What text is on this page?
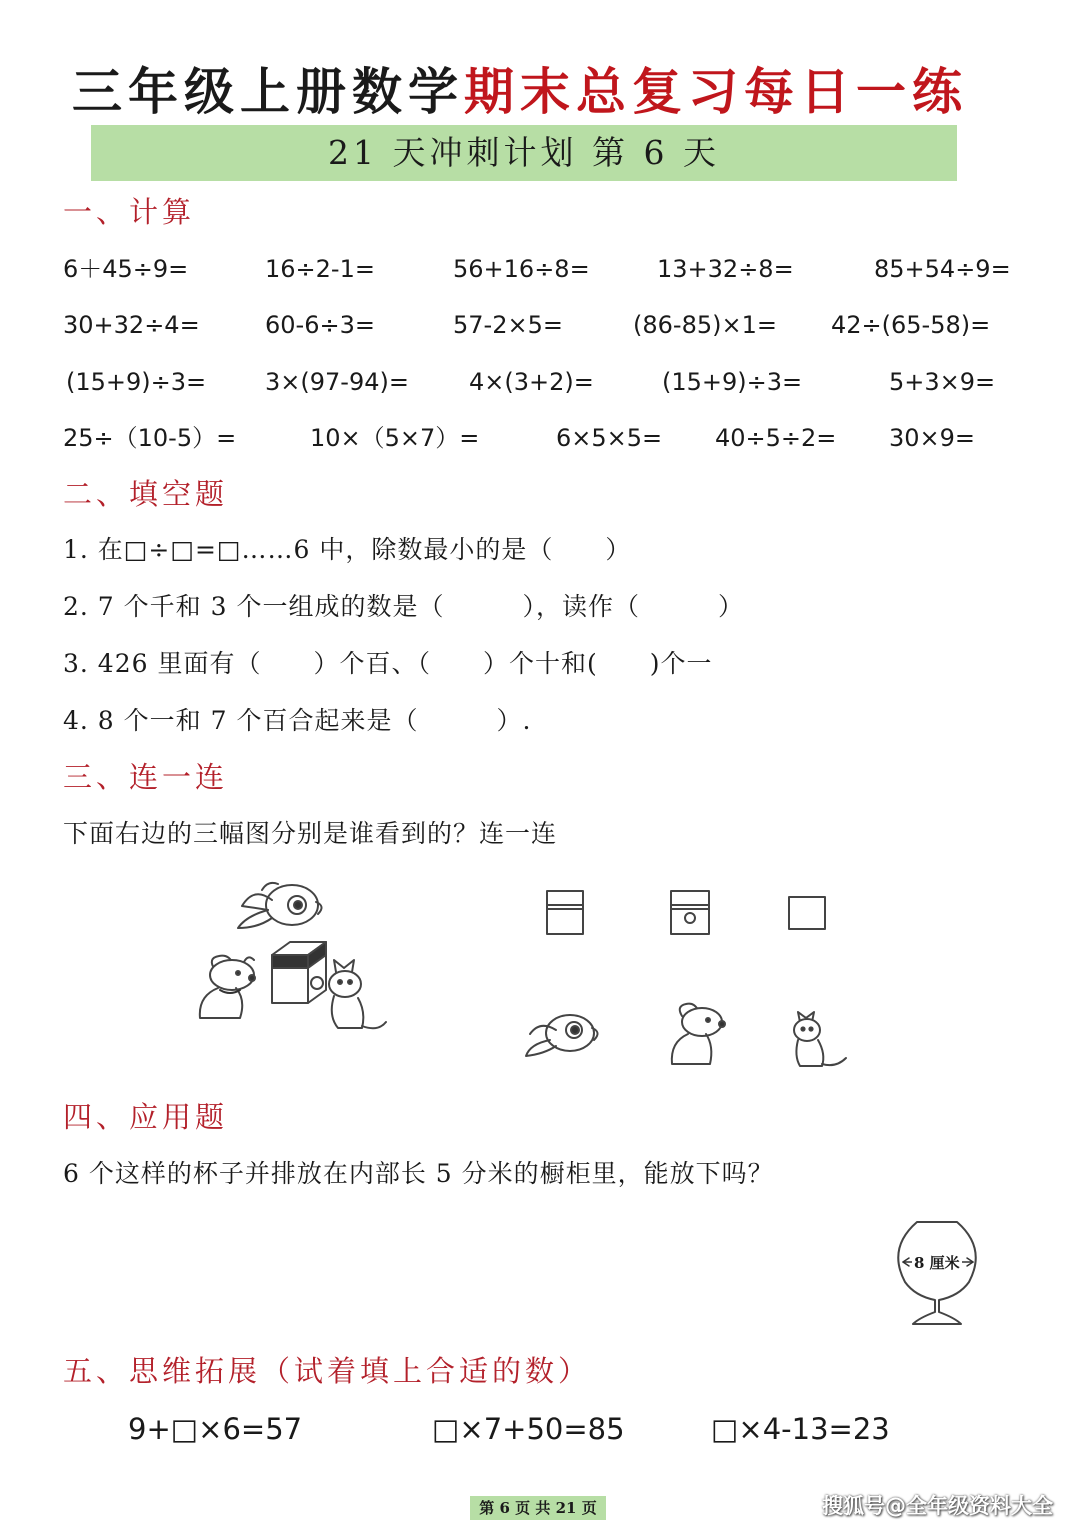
三年级上册数学期末总复习每日一练
21 天冲刺计划 第 6 天
一、计算
6＋45÷9=	16÷2-1=	56+16÷8=	13+32÷8=	85+54÷9=
30+32÷4=	60-6÷3=	57-2×5=	(86-85)×1= 42÷(65-58)=
(15+9)÷3= 3×(97-94)=	4×(3+2)=	(15+9)÷3=	5+3×9=
25÷（10-5）=	10×（5×7）=	6×5×5= 40÷5÷2= 30×9=
二、填空题
1. 在□÷□=□……6 中，除数最小的是（　　）
2. 7 个千和 3 个一组成的数是（　　　），读作（　　　）
3. 426 里面有（　　）个百、（　　）个十和(　　)个一
4. 8 个一和 7 个百合起来是（　　　）.
三、连一连
下面右边的三幅图分别是谁看到的？连一连
8 厘米
四、应用题
6 个这样的杯子并排放在内部长 5 分米的橱柜里，能放下吗？
五、思维拓展（试着填上合适的数）
9+□×6=57	□×7+50=85	□×4-13=23
第 6 页 共 21 页	搜狐号@全年级资料大全
